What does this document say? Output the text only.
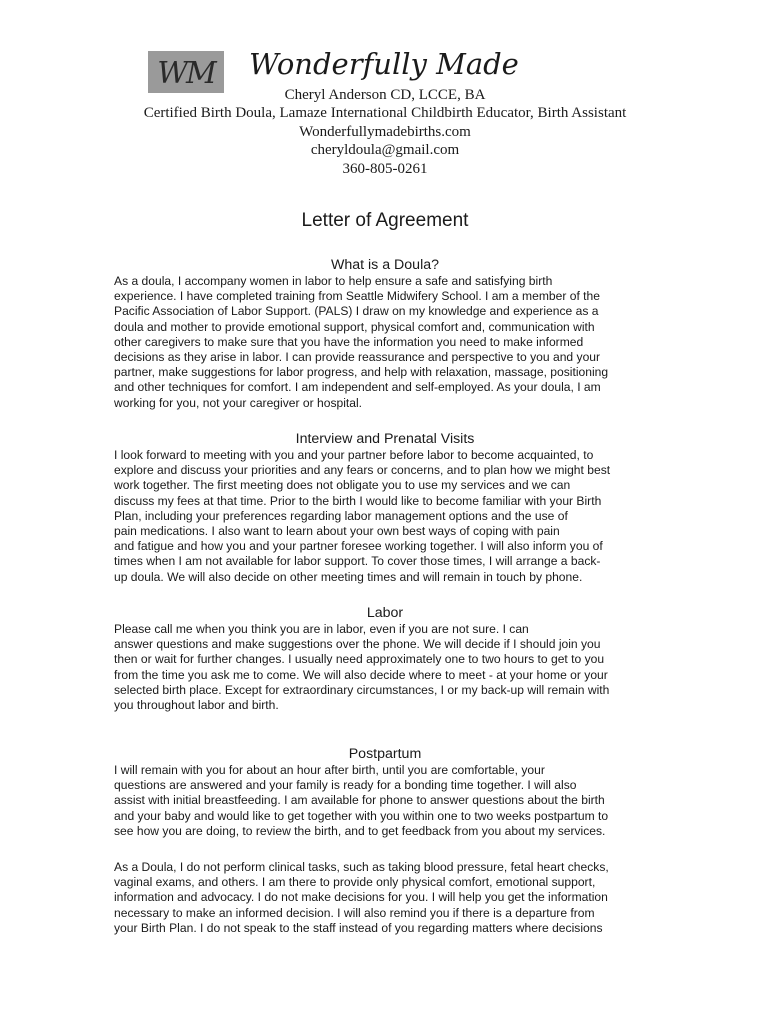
WM Wonderfully Made
Cheryl Anderson CD, LCCE, BA
Certified Birth Doula, Lamaze International Childbirth Educator, Birth Assistant
Wonderfullymadebirths.com
cheryldoula@gmail.com
360-805-0261
Letter of Agreement
What is a Doula?
As a doula, I accompany women in labor to help ensure a safe and satisfying birth
experience. I have completed training from Seattle Midwifery School. I am a member of the
Pacific Association of Labor Support. (PALS) I draw on my knowledge and experience as a
doula and mother to provide emotional support, physical comfort and, communication with
other caregivers to make sure that you have the information you need to make informed
decisions as they arise in labor. I can provide reassurance and perspective to you and your
partner, make suggestions for labor progress, and help with relaxation, massage, positioning
and other techniques for comfort. I am independent and self-employed. As your doula, I am
working for you, not your caregiver or hospital.
Interview and Prenatal Visits
I look forward to meeting with you and your partner before labor to become acquainted, to
explore and discuss your priorities and any fears or concerns, and to plan how we might best
work together. The first meeting does not obligate you to use my services and we can
discuss my fees at that time. Prior to the birth I would like to become familiar with your Birth
Plan, including your preferences regarding labor management options and the use of
pain medications. I also want to learn about your own best ways of coping with pain
and fatigue and how you and your partner foresee working together. I will also inform you of
times when I am not available for labor support. To cover those times, I will arrange a back-
up doula. We will also decide on other meeting times and will remain in touch by phone.
Labor
Please call me when you think you are in labor, even if you are not sure. I can
answer questions and make suggestions over the phone. We will decide if I should join you
then or wait for further changes. I usually need approximately one to two hours to get to you
from the time you ask me to come. We will also decide where to meet - at your home or your
selected birth place. Except for extraordinary circumstances, I or my back-up will remain with
you throughout labor and birth.
Postpartum
I will remain with you for about an hour after birth, until you are comfortable, your
questions are answered and your family is ready for a bonding time together. I will also
assist with initial breastfeeding. I am available for phone to answer questions about the birth
and your baby and would like to get together with you within one to two weeks postpartum to
see how you are doing, to review the birth, and to get feedback from you about my services.
As a Doula, I do not perform clinical tasks, such as taking blood pressure, fetal heart checks,
vaginal exams, and others. I am there to provide only physical comfort, emotional support,
information and advocacy. I do not make decisions for you. I will help you get the information
necessary to make an informed decision. I will also remind you if there is a departure from
your Birth Plan. I do not speak to the staff instead of you regarding matters where decisions
